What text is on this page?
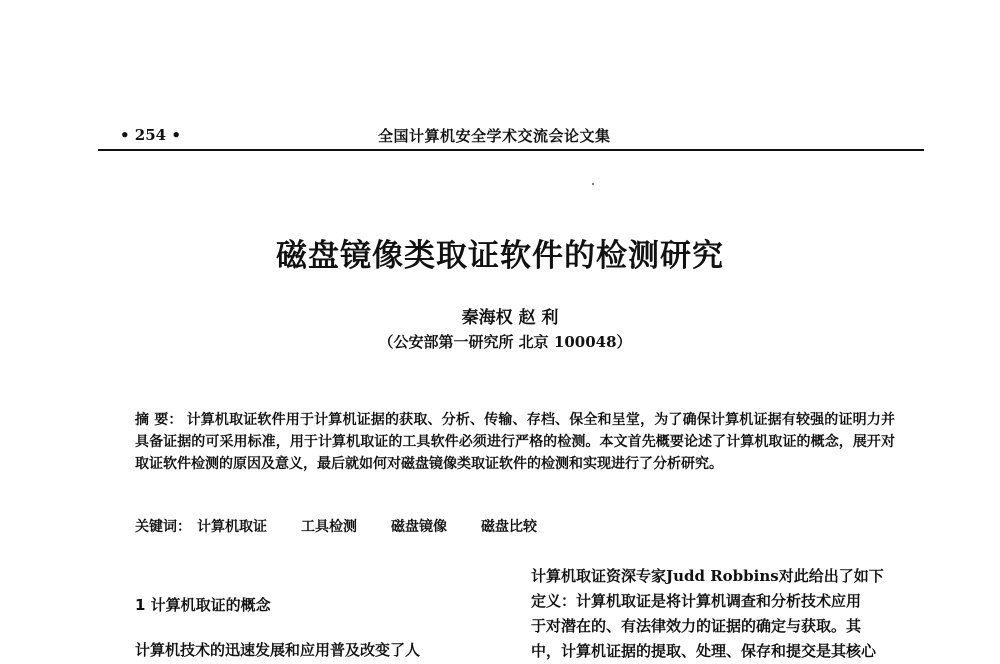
• 254 •	全国计算机安全学术交流会论文集
磁盘镜像类取证软件的检测研究
秦海权 赵 利
（公安部第一研究所 北京 100048）
摘 要： 计算机取证软件用于计算机证据的获取、分析、传输、存档、保全和呈堂，为了确保计算机证据有较强的证明力并具备证据的可采用标准，用于计算机取证的工具软件必须进行严格的检测。本文首先概要论述了计算机取证的概念，展开对取证软件检测的原因及意义，最后就如何对磁盘镜像类取证软件的检测和实现进行了分析研究。
关键词： 计算机取证 工具检测 磁盘镜像 磁盘比较
1 计算机取证的概念
计算机技术的迅速发展和应用普及改变了人
计算机取证资深专家Judd Robbins对此给出了如下
定义：计算机取证是将计算机调查和分析技术应用
于对潜在的、有法律效力的证据的确定与获取。其
中，计算机证据的提取、处理、保存和提交是其核心
